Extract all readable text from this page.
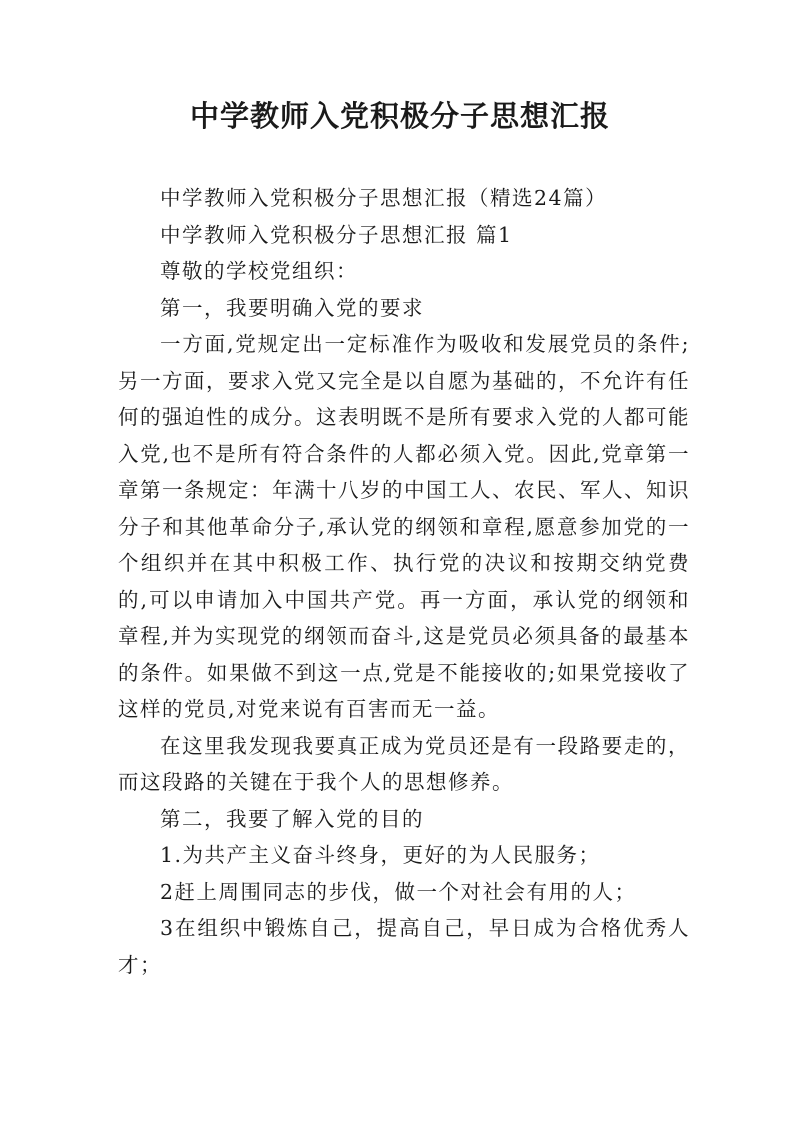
中学教师入党积极分子思想汇报

中学教师入党积极分子思想汇报（精选24篇）

中学教师入党积极分子思想汇报 篇1

尊敬的学校党组织：

第一，我要明确入党的要求

一方面,党规定出一定标准作为吸收和发展党员的条件;另一方面，要求入党又完全是以自愿为基础的，不允许有任何的强迫性的成分。这表明既不是所有要求入党的人都可能入党,也不是所有符合条件的人都必须入党。因此,党章第一章第一条规定：年满十八岁的中国工人、农民、军人、知识分子和其他革命分子,承认党的纲领和章程,愿意参加党的一个组织并在其中积极工作、执行党的决议和按期交纳党费的,可以申请加入中国共产党。再一方面，承认党的纲领和章程,并为实现党的纲领而奋斗,这是党员必须具备的最基本的条件。如果做不到这一点,党是不能接收的;如果党接收了这样的党员,对党来说有百害而无一益。

在这里我发现我要真正成为党员还是有一段路要走的，而这段路的关键在于我个人的思想修养。

第二，我要了解入党的目的

1.为共产主义奋斗终身，更好的为人民服务；

2赶上周围同志的步伐，做一个对社会有用的人；

3在组织中锻炼自己，提高自己，早日成为合格优秀人才；
